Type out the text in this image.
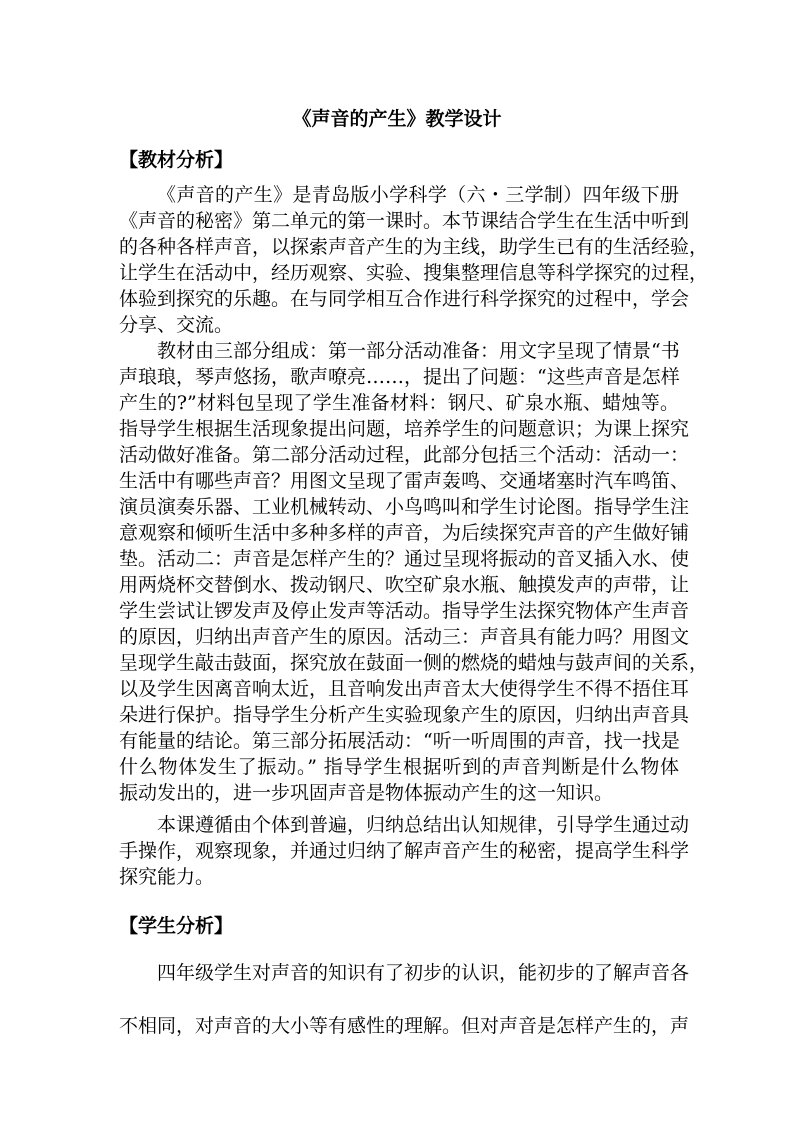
《声音的产生》教学设计
【教材分析】
《声音的产生》是青岛版小学科学（六・三学制）四年级下册
《声音的秘密》第二单元的第一课时。本节课结合学生在生活中听到
的各种各样声音，以探索声音产生的为主线，助学生已有的生活经验，
让学生在活动中，经历观察、实验、搜集整理信息等科学探究的过程，
体验到探究的乐趣。在与同学相互合作进行科学探究的过程中，学会
分享、交流。
教材由三部分组成：第一部分活动准备：用文字呈现了情景“书
声琅琅，琴声悠扬，歌声嘹亮……，提出了问题：“这些声音是怎样
产生的?”材料包呈现了学生准备材料：钢尺、矿泉水瓶、蜡烛等。
指导学生根据生活现象提出问题，培养学生的问题意识；为课上探究
活动做好准备。第二部分活动过程，此部分包括三个活动：活动一：
生活中有哪些声音？用图文呈现了雷声轰鸣、交通堵塞时汽车鸣笛、
演员演奏乐器、工业机械转动、小鸟鸣叫和学生讨论图。指导学生注
意观察和倾听生活中多种多样的声音，为后续探究声音的产生做好铺
垫。活动二：声音是怎样产生的？通过呈现将振动的音叉插入水、使
用两烧杯交替倒水、拨动钢尺、吹空矿泉水瓶、触摸发声的声带，让
学生尝试让锣发声及停止发声等活动。指导学生法探究物体产生声音
的原因，归纳出声音产生的原因。活动三：声音具有能力吗？用图文
呈现学生敲击鼓面，探究放在鼓面一侧的燃烧的蜡烛与鼓声间的关系，
以及学生因离音响太近，且音响发出声音太大使得学生不得不捂住耳
朵进行保护。指导学生分析产生实验现象产生的原因，归纳出声音具
有能量的结论。第三部分拓展活动：“听一听周围的声音，找一找是
什么物体发生了振动。” 指导学生根据听到的声音判断是什么物体
振动发出的，进一步巩固声音是物体振动产生的这一知识。
本课遵循由个体到普遍，归纳总结出认知规律，引导学生通过动
手操作，观察现象，并通过归纳了解声音产生的秘密，提高学生科学
探究能力。
【学生分析】
四年级学生对声音的知识有了初步的认识，能初步的了解声音各
不相同，对声音的大小等有感性的理解。但对声音是怎样产生的，声
